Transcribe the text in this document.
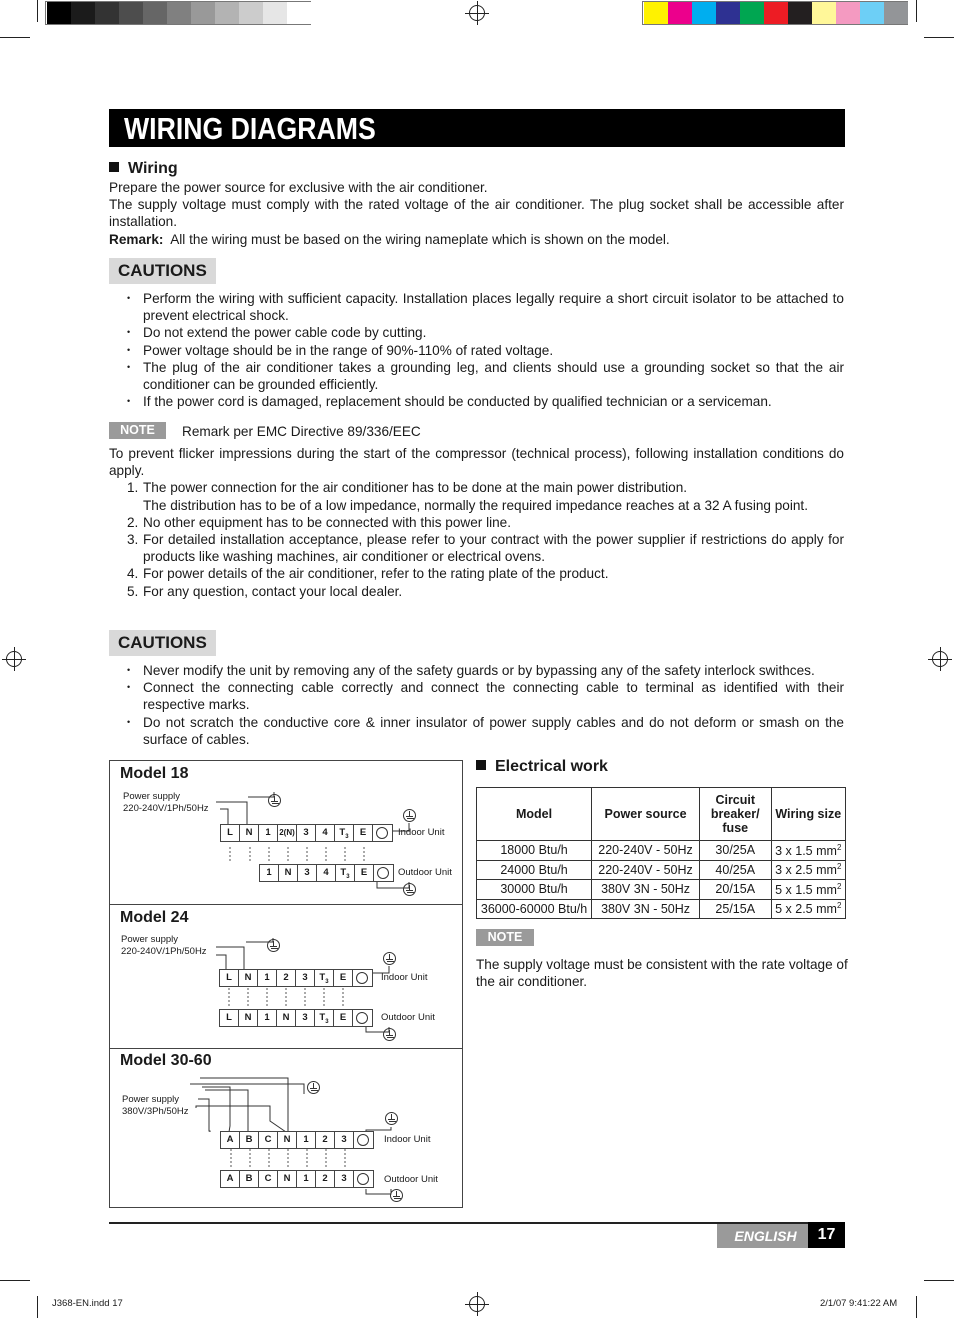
WIRING DIAGRAMS
Wiring
Prepare the power source for exclusive with the air conditioner.
The supply voltage must comply with the rated voltage of the air conditioner. The plug socket shall be accessible after installation.
Remark: All the wiring must be based on the wiring nameplate which is shown on the model.
CAUTIONS
• Perform the wiring with sufficient capacity. Installation places legally require a short circuit isolator to be attached to prevent electrical shock.
• Do not extend the power cable code by cutting.
• Power voltage should be in the range of 90%-110% of rated voltage.
• The plug of the air conditioner takes a grounding leg, and clients should use a grounding socket so that the air conditioner can be grounded efficiently.
• If the power cord is damaged, replacement should be conducted by qualified technician or a serviceman.
NOTE	Remark per EMC Directive 89/336/EEC
To prevent flicker impressions during the start of the compressor (technical process), following installation conditions do apply.
1. The power connection for the air conditioner has to be done at the main power distribution.
The distribution has to be of a low impedance, normally the required impedance reaches at a 32 A fusing point.
2. No other equipment has to be connected with this power line.
3. For detailed installation acceptance, please refer to your contract with the power supplier if restrictions do apply for products like washing machines, air conditioner or electrical ovens.
4. For power details of the air conditioner, refer to the rating plate of the product.
5. For any question, contact your local dealer.
CAUTIONS
• Never modify the unit by removing any of the safety guards or by bypassing any of the safety interlock swithces.
• Connect the connecting cable correctly and connect the connecting cable to terminal as identified with their respective marks.
• Do not scratch the conductive core & inner insulator of power supply cables and do not deform or smash on the surface of cables.
Model 18
Power supply
220-240V/1Ph/50Hz
L	N	1	2(N) 3	4	$T_3$	E	Indoor Unit
1	N	3	4	$T_3$	E	Outdoor Unit
Model 24
Power supply
220-240V/1Ph/50Hz
L	N	1	2	3	$T_3$	E	Indoor Unit
L	N	1	N	3	$T_3$	E	Outdoor Unit
Model 30-60
Power supply
380V/3Ph/50Hz
A	B	C	N	1	2	3	Indoor Unit
A	B	C	N	1	2	3	Outdoor Unit
Electrical work
Model	Power source	Circuit breaker/ fuse	Wiring size
18000 Btu/h	220-240V - 50Hz	30/25A	3 x 1.5 $mm^2$
24000 Btu/h	220-240V - 50Hz	40/25A	3 x 2.5 $mm^2$
30000 Btu/h	380V 3N - 50Hz	20/15A	5 x 1.5 $mm^2$
36000-60000 Btu/h	380V 3N - 50Hz	25/15A	5 x 2.5 $mm^2$
NOTE
The supply voltage must be consistent with the rate voltage of the air conditioner.
ENGLISH	17
J368-EN.indd 17	2/1/07 9:41:22 AM
